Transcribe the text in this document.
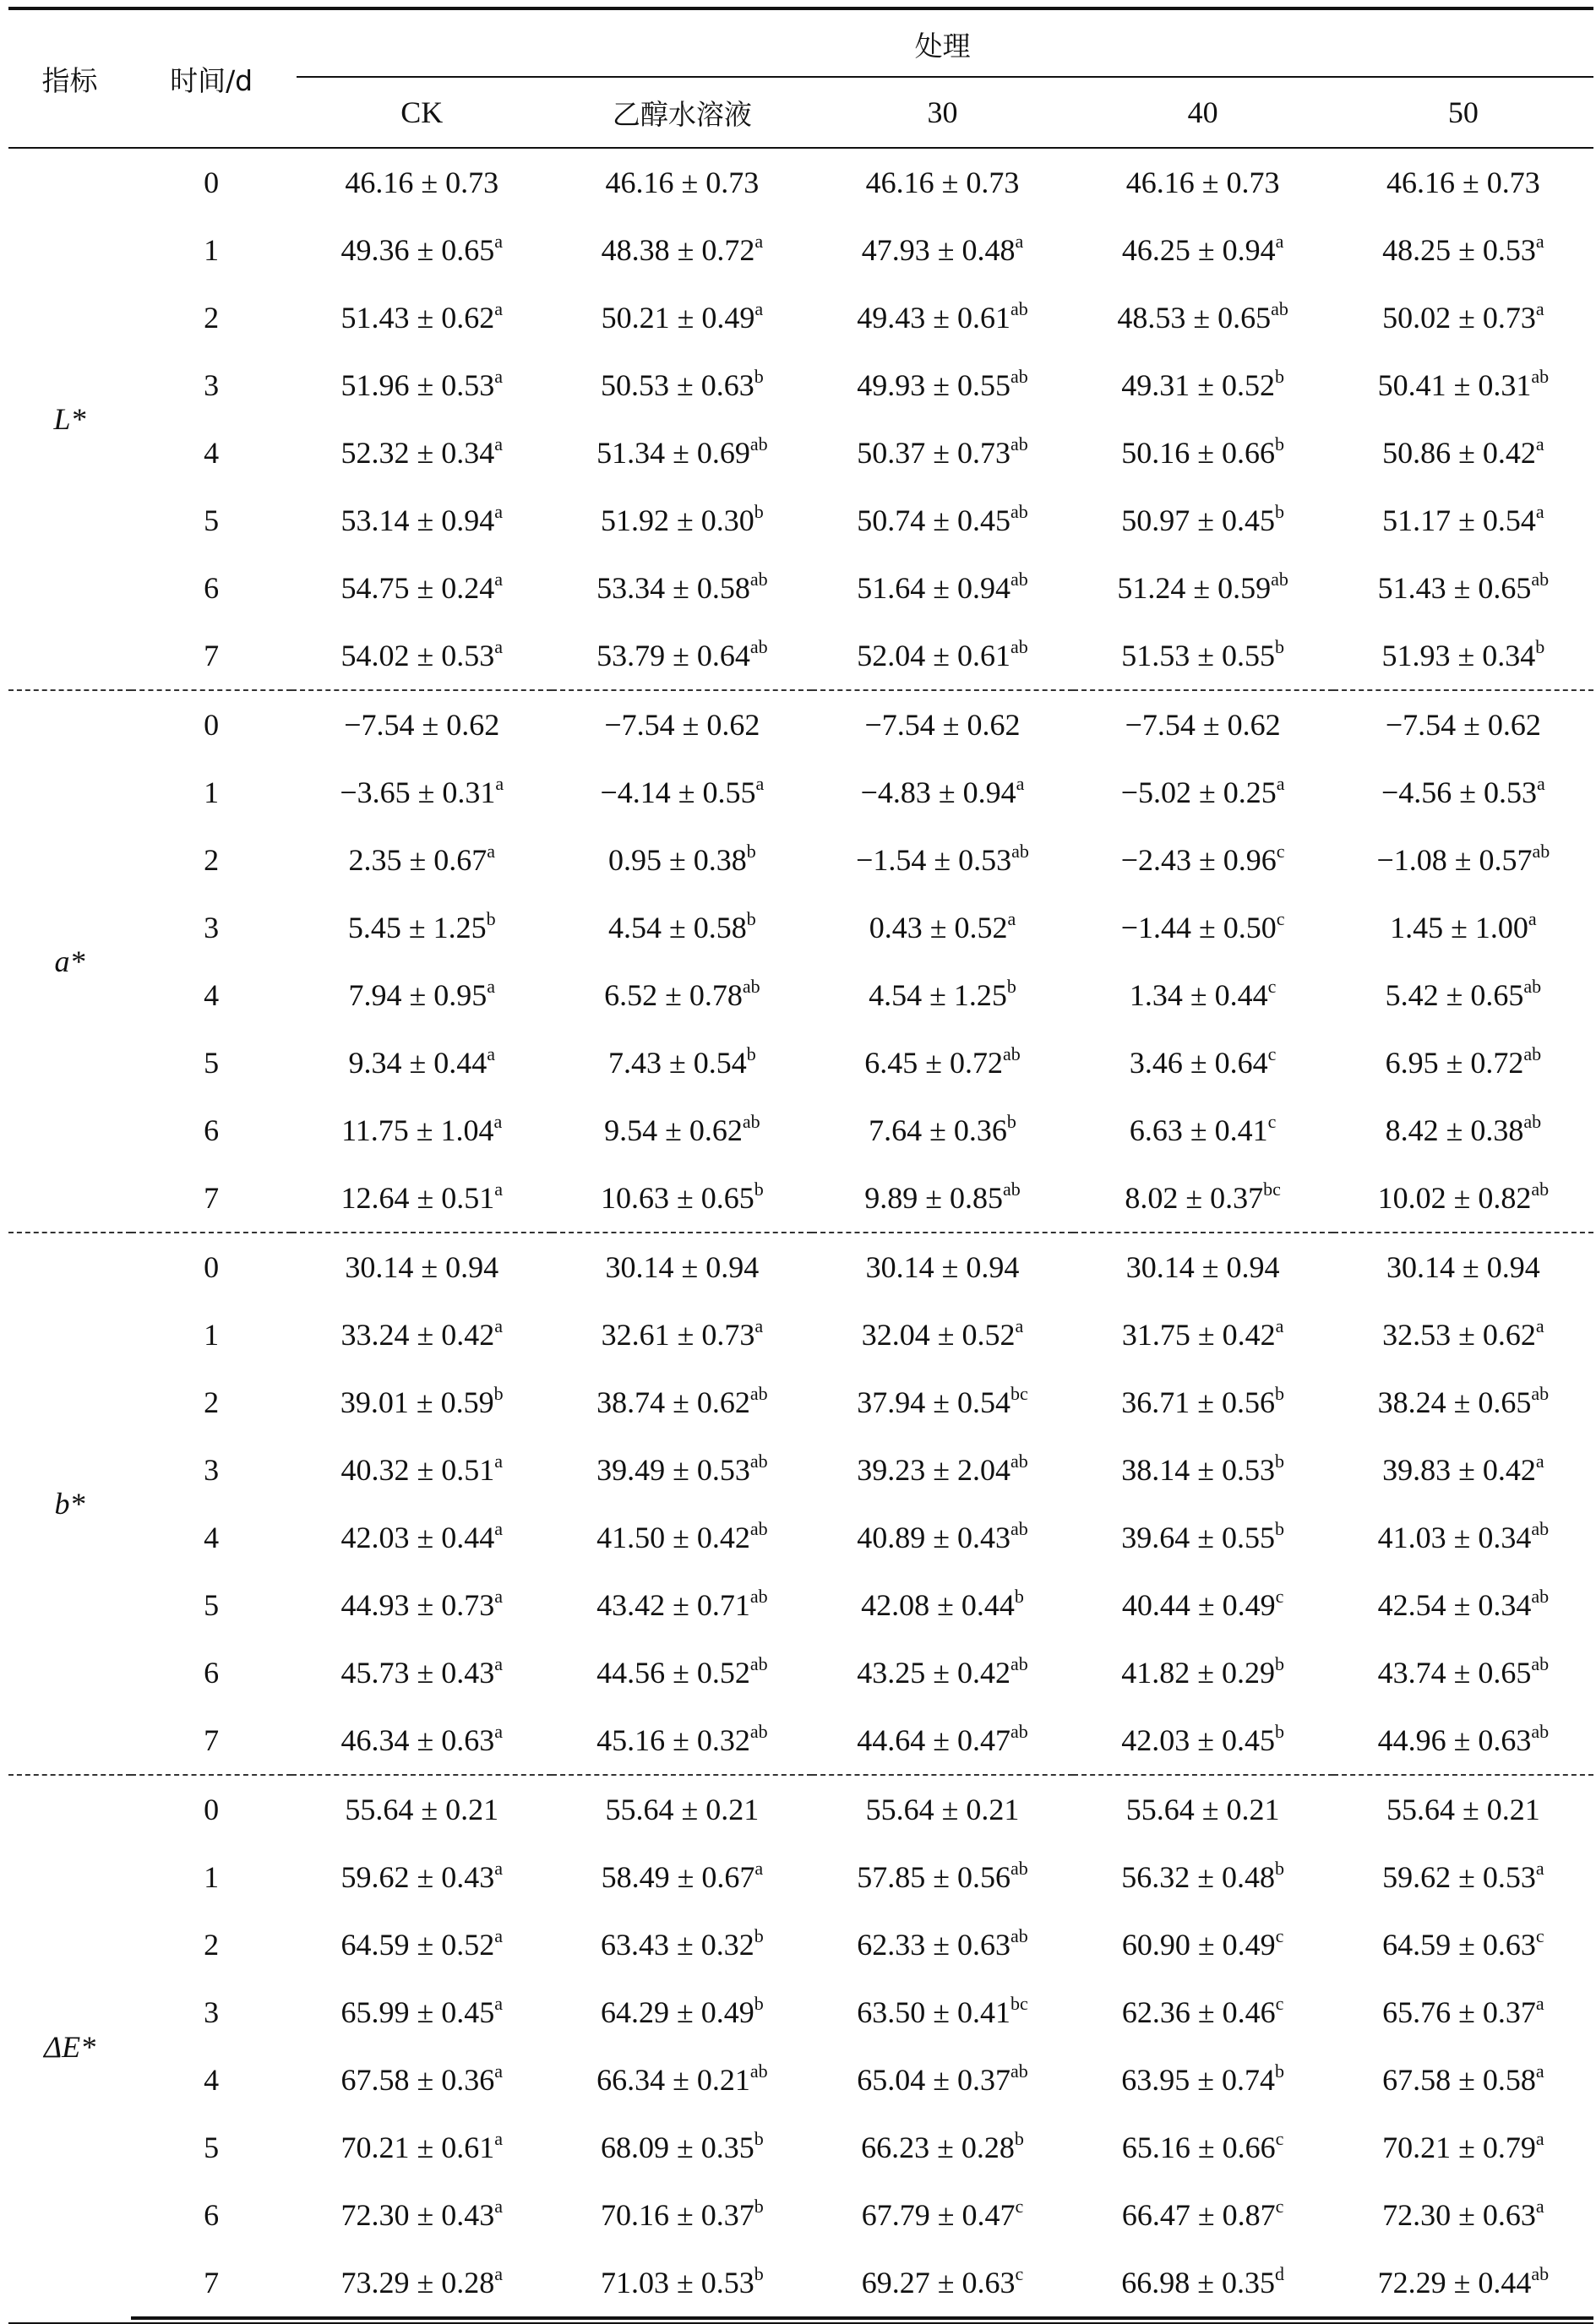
指标	时间/d	处理				
		CK	乙醇水溶液	30	40	50
L*	0	46.16 ± 0.73	46.16 ± 0.73	46.16 ± 0.73	46.16 ± 0.73	46.16 ± 0.73
	1	49.36 ± 0.65$^a$	48.38 ± 0.72$^a$	47.93 ± 0.48$^a$	46.25 ± 0.94$^a$	48.25 ± 0.53$^a$
	2	51.43 ± 0.62$^a$	50.21 ± 0.49$^a$	49.43 ± 0.61$^{ab}$	48.53 ± 0.65$^{ab}$	50.02 ± 0.73$^a$
	3	51.96 ± 0.53$^a$	50.53 ± 0.63$^b$	49.93 ± 0.55$^{ab}$	49.31 ± 0.52$^b$	50.41 ± 0.31$^{ab}$
	4	52.32 ± 0.34$^a$	51.34 ± 0.69$^{ab}$	50.37 ± 0.73$^{ab}$	50.16 ± 0.66$^b$	50.86 ± 0.42$^a$
	5	53.14 ± 0.94$^a$	51.92 ± 0.30$^b$	50.74 ± 0.45$^{ab}$	50.97 ± 0.45$^b$	51.17 ± 0.54$^a$
	6	54.75 ± 0.24$^a$	53.34 ± 0.58$^{ab}$	51.64 ± 0.94$^{ab}$	51.24 ± 0.59$^{ab}$	51.43 ± 0.65$^{ab}$
	7	54.02 ± 0.53$^a$	53.79 ± 0.64$^{ab}$	52.04 ± 0.61$^{ab}$	51.53 ± 0.55$^b$	51.93 ± 0.34$^b$
a*	0	−7.54 ± 0.62	−7.54 ± 0.62	−7.54 ± 0.62	−7.54 ± 0.62	−7.54 ± 0.62
	1	−3.65 ± 0.31$^a$	−4.14 ± 0.55$^a$	−4.83 ± 0.94$^a$	−5.02 ± 0.25$^a$	−4.56 ± 0.53$^a$
	2	2.35 ± 0.67$^a$	0.95 ± 0.38$^b$	−1.54 ± 0.53$^{ab}$	−2.43 ± 0.96$^c$	−1.08 ± 0.57$^{ab}$
	3	5.45 ± 1.25$^b$	4.54 ± 0.58$^b$	0.43 ± 0.52$^a$	−1.44 ± 0.50$^c$	1.45 ± 1.00$^a$
	4	7.94 ± 0.95$^a$	6.52 ± 0.78$^{ab}$	4.54 ± 1.25$^b$	1.34 ± 0.44$^c$	5.42 ± 0.65$^{ab}$
	5	9.34 ± 0.44$^a$	7.43 ± 0.54$^b$	6.45 ± 0.72$^{ab}$	3.46 ± 0.64$^c$	6.95 ± 0.72$^{ab}$
	6	11.75 ± 1.04$^a$	9.54 ± 0.62$^{ab}$	7.64 ± 0.36$^b$	6.63 ± 0.41$^c$	8.42 ± 0.38$^{ab}$
	7	12.64 ± 0.51$^a$	10.63 ± 0.65$^b$	9.89 ± 0.85$^{ab}$	8.02 ± 0.37$^{bc}$	10.02 ± 0.82$^{ab}$
b*	0	30.14 ± 0.94	30.14 ± 0.94	30.14 ± 0.94	30.14 ± 0.94	30.14 ± 0.94
	1	33.24 ± 0.42$^a$	32.61 ± 0.73$^a$	32.04 ± 0.52$^a$	31.75 ± 0.42$^a$	32.53 ± 0.62$^a$
	2	39.01 ± 0.59$^b$	38.74 ± 0.62$^{ab}$	37.94 ± 0.54$^{bc}$	36.71 ± 0.56$^b$	38.24 ± 0.65$^{ab}$
	3	40.32 ± 0.51$^a$	39.49 ± 0.53$^{ab}$	39.23 ± 2.04$^{ab}$	38.14 ± 0.53$^b$	39.83 ± 0.42$^a$
	4	42.03 ± 0.44$^a$	41.50 ± 0.42$^{ab}$	40.89 ± 0.43$^{ab}$	39.64 ± 0.55$^b$	41.03 ± 0.34$^{ab}$
	5	44.93 ± 0.73$^a$	43.42 ± 0.71$^{ab}$	42.08 ± 0.44$^b$	40.44 ± 0.49$^c$	42.54 ± 0.34$^{ab}$
	6	45.73 ± 0.43$^a$	44.56 ± 0.52$^{ab}$	43.25 ± 0.42$^{ab}$	41.82 ± 0.29$^b$	43.74 ± 0.65$^{ab}$
	7	46.34 ± 0.63$^a$	45.16 ± 0.32$^{ab}$	44.64 ± 0.47$^{ab}$	42.03 ± 0.45$^b$	44.96 ± 0.63$^{ab}$
ΔE*	0	55.64 ± 0.21	55.64 ± 0.21	55.64 ± 0.21	55.64 ± 0.21	55.64 ± 0.21
	1	59.62 ± 0.43$^a$	58.49 ± 0.67$^a$	57.85 ± 0.56$^{ab}$	56.32 ± 0.48$^b$	59.62 ± 0.53$^a$
	2	64.59 ± 0.52$^a$	63.43 ± 0.32$^b$	62.33 ± 0.63$^{ab}$	60.90 ± 0.49$^c$	64.59 ± 0.63$^c$
	3	65.99 ± 0.45$^a$	64.29 ± 0.49$^b$	63.50 ± 0.41$^{bc}$	62.36 ± 0.46$^c$	65.76 ± 0.37$^a$
	4	67.58 ± 0.36$^a$	66.34 ± 0.21$^{ab}$	65.04 ± 0.37$^{ab}$	63.95 ± 0.74$^b$	67.58 ± 0.58$^a$
	5	70.21 ± 0.61$^a$	68.09 ± 0.35$^b$	66.23 ± 0.28$^b$	65.16 ± 0.66$^c$	70.21 ± 0.79$^a$
	6	72.30 ± 0.43$^a$	70.16 ± 0.37$^b$	67.79 ± 0.47$^c$	66.47 ± 0.87$^c$	72.30 ± 0.63$^a$
	7	73.29 ± 0.28$^a$	71.03 ± 0.53$^b$	69.27 ± 0.63$^c$	66.98 ± 0.35$^d$	72.29 ± 0.44$^{ab}$
